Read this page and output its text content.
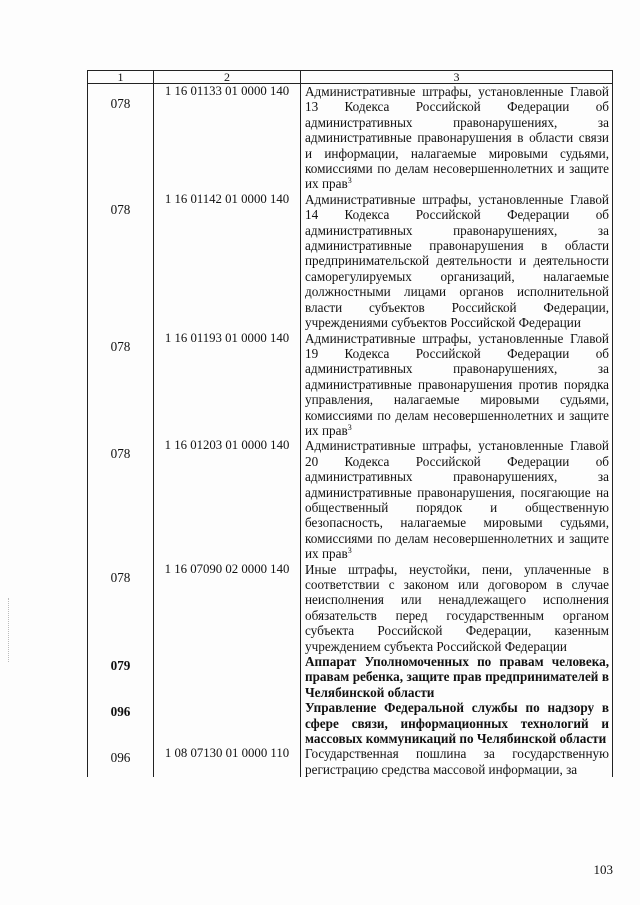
1	2	3

078	1 16 01133 01 0000 140	Административные штрафы, установленные Главой 13 Кодекса Российской Федерации об административных правонарушениях, за административные правонарушения в области связи и информации, налагаемые мировыми судьями, комиссиями по делам несовершеннолетних и защите их прав$^3$

078	1 16 01142 01 0000 140	Административные штрафы, установленные Главой 14 Кодекса Российской Федерации об административных правонарушениях, за административные правонарушения в области предпринимательской деятельности и деятельности саморегулируемых организаций, налагаемые должностными лицами органов исполнительной власти субъектов Российской Федерации, учреждениями субъектов Российской Федерации

078	1 16 01193 01 0000 140	Административные штрафы, установленные Главой 19 Кодекса Российской Федерации об административных правонарушениях, за административные правонарушения против порядка управления, налагаемые мировыми судьями, комиссиями по делам несовершеннолетних и защите их прав$^3$

078	1 16 01203 01 0000 140	Административные штрафы, установленные Главой 20 Кодекса Российской Федерации об административных правонарушениях, за административные правонарушения, посягающие на общественный порядок и общественную безопасность, налагаемые мировыми судьями, комиссиями по делам несовершеннолетних и защите их прав$^3$

078	1 16 07090 02 0000 140	Иные штрафы, неустойки, пени, уплаченные в соответствии с законом или договором в случае неисполнения или ненадлежащего исполнения обязательств перед государственным органом субъекта Российской Федерации, казенным учреждением субъекта Российской Федерации

079		Аппарат Уполномоченных по правам человека, правам ребенка, защите прав предпринимателей в Челябинской области

096		Управление Федеральной службы по надзору в сфере связи, информационных технологий и массовых коммуникаций по Челябинской области

096	1 08 07130 01 0000 110	Государственная пошлина за государственную регистрацию средства массовой информации, за
103
